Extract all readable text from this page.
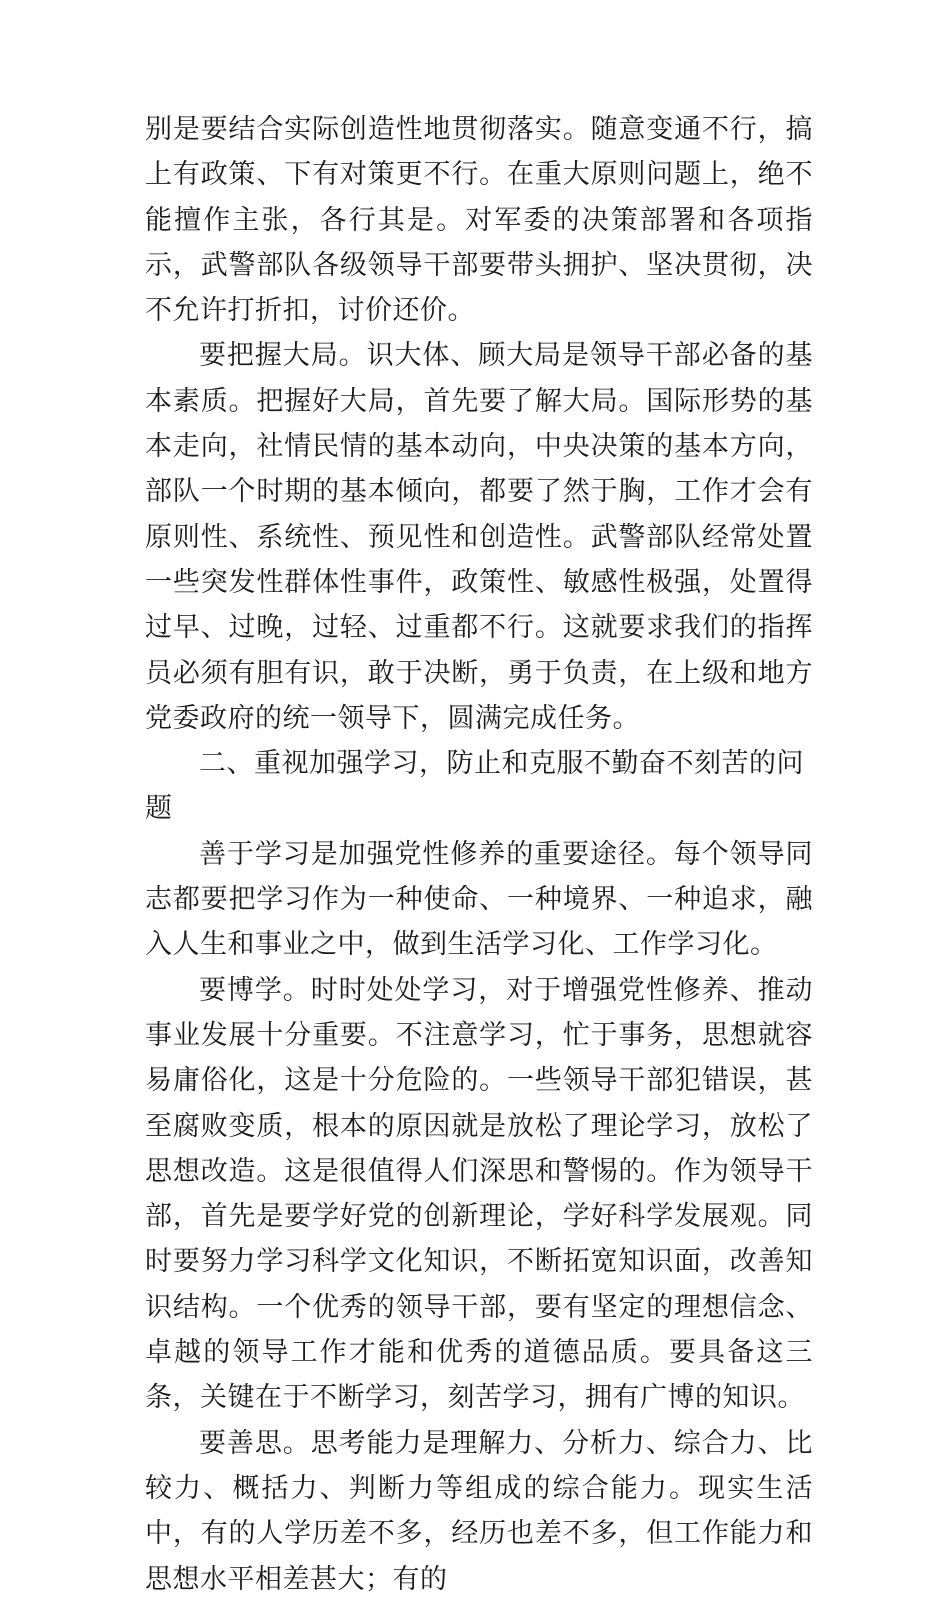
别是要结合实际创造性地贯彻落实。随意变通不行，搞上有政策、下有对策更不行。在重大原则问题上，绝不能擅作主张，各行其是。对军委的决策部署和各项指示，武警部队各级领导干部要带头拥护、坚决贯彻，决不允许打折扣，讨价还价。

要把握大局。识大体、顾大局是领导干部必备的基本素质。把握好大局，首先要了解大局。国际形势的基本走向，社情民情的基本动向，中央决策的基本方向，部队一个时期的基本倾向，都要了然于胸，工作才会有原则性、系统性、预见性和创造性。武警部队经常处置一些突发性群体性事件，政策性、敏感性极强，处置得过早、过晚，过轻、过重都不行。这就要求我们的指挥员必须有胆有识，敢于决断，勇于负责，在上级和地方党委政府的统一领导下，圆满完成任务。

二、重视加强学习，防止和克服不勤奋不刻苦的问题

善于学习是加强党性修养的重要途径。每个领导同志都要把学习作为一种使命、一种境界、一种追求，融入人生和事业之中，做到生活学习化、工作学习化。

要博学。时时处处学习，对于增强党性修养、推动事业发展十分重要。不注意学习，忙于事务，思想就容易庸俗化，这是十分危险的。一些领导干部犯错误，甚至腐败变质，根本的原因就是放松了理论学习，放松了思想改造。这是很值得人们深思和警惕的。作为领导干部，首先是要学好党的创新理论，学好科学发展观。同时要努力学习科学文化知识，不断拓宽知识面，改善知识结构。一个优秀的领导干部，要有坚定的理想信念、卓越的领导工作才能和优秀的道德品质。要具备这三条，关键在于不断学习，刻苦学习，拥有广博的知识。

要善思。思考能力是理解力、分析力、综合力、比较力、概括力、判断力等组成的综合能力。现实生活中，有的人学历差不多，经历也差不多，但工作能力和思想水平相差甚大；有的
